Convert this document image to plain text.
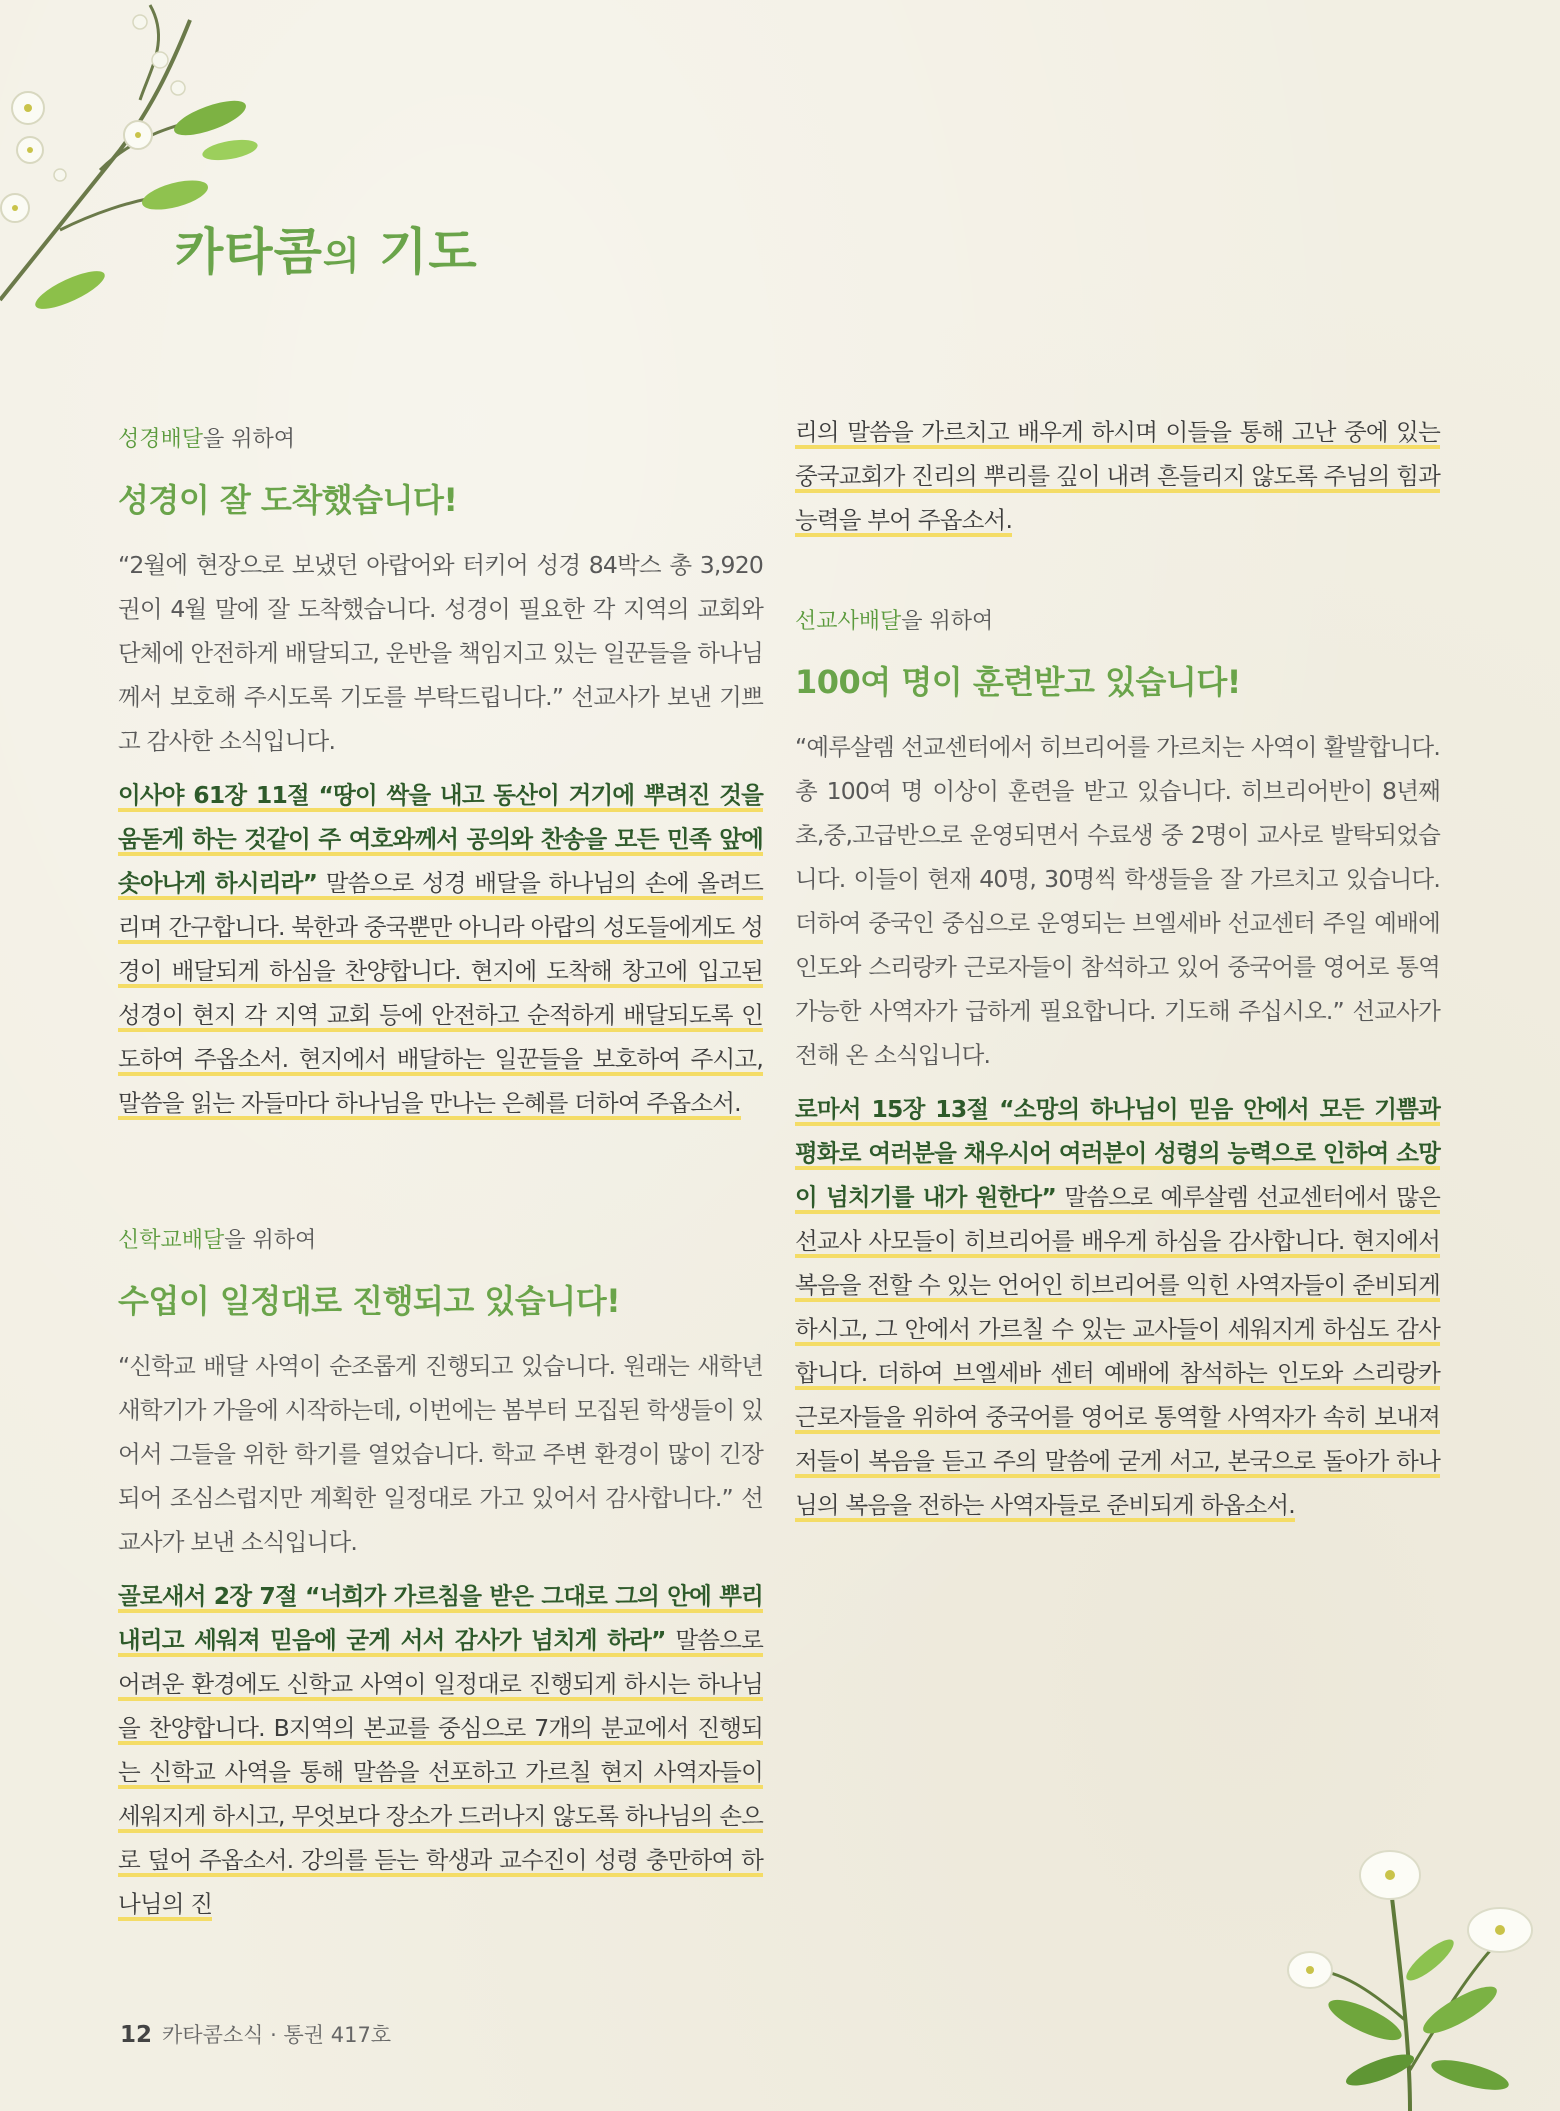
카타콤의 기도
성경배달을 위하여
성경이 잘 도착했습니다!

“2월에 현장으로 보냈던 아랍어와 터키어 성경 84박스 총 3,920권이 4월 말에 잘 도착했습니다. 성경이 필요한 각 지역의 교회와 단체에 안전하게 배달되고, 운반을 책임지고 있는 일꾼들을 하나님께서 보호해 주시도록 기도를 부탁드립니다.” 선교사가 보낸 기쁘고 감사한 소식입니다.

이사야 61장 11절 “땅이 싹을 내고 동산이 거기에 뿌려진 것을 움돋게 하는 것같이 주 여호와께서 공의와 찬송을 모든 민족 앞에 솟아나게 하시리라” 말씀으로 성경 배달을 하나님의 손에 올려드리며 간구합니다. 북한과 중국뿐만 아니라 아랍의 성도들에게도 성경이 배달되게 하심을 찬양합니다. 현지에 도착해 창고에 입고된 성경이 현지 각 지역 교회 등에 안전하고 순적하게 배달되도록 인도하여 주옵소서. 현지에서 배달하는 일꾼들을 보호하여 주시고, 말씀을 읽는 자들마다 하나님을 만나는 은혜를 더하여 주옵소서.

신학교배달을 위하여
수업이 일정대로 진행되고 있습니다!

“신학교 배달 사역이 순조롭게 진행되고 있습니다. 원래는 새학년 새학기가 가을에 시작하는데, 이번에는 봄부터 모집된 학생들이 있어서 그들을 위한 학기를 열었습니다. 학교 주변 환경이 많이 긴장되어 조심스럽지만 계획한 일정대로 가고 있어서 감사합니다.” 선교사가 보낸 소식입니다.

골로새서 2장 7절 “너희가 가르침을 받은 그대로 그의 안에 뿌리 내리고 세워져 믿음에 굳게 서서 감사가 넘치게 하라” 말씀으로 어려운 환경에도 신학교 사역이 일정대로 진행되게 하시는 하나님을 찬양합니다. B지역의 본교를 중심으로 7개의 분교에서 진행되는 신학교 사역을 통해 말씀을 선포하고 가르칠 현지 사역자들이 세워지게 하시고, 무엇보다 장소가 드러나지 않도록 하나님의 손으로 덮어 주옵소서. 강의를 듣는 학생과 교수진이 성령 충만하여 하나님의 진

리의 말씀을 가르치고 배우게 하시며 이들을 통해 고난 중에 있는 중국교회가 진리의 뿌리를 깊이 내려 흔들리지 않도록 주님의 힘과 능력을 부어 주옵소서.

선교사배달을 위하여
100여 명이 훈련받고 있습니다!

“예루살렘 선교센터에서 히브리어를 가르치는 사역이 활발합니다. 총 100여 명 이상이 훈련을 받고 있습니다. 히브리어반이 8년째 초,중,고급반으로 운영되면서 수료생 중 2명이 교사로 발탁되었습니다. 이들이 현재 40명, 30명씩 학생들을 잘 가르치고 있습니다. 더하여 중국인 중심으로 운영되는 브엘세바 선교센터 주일 예배에 인도와 스리랑카 근로자들이 참석하고 있어 중국어를 영어로 통역 가능한 사역자가 급하게 필요합니다. 기도해 주십시오.” 선교사가 전해 온 소식입니다.

로마서 15장 13절 “소망의 하나님이 믿음 안에서 모든 기쁨과 평화로 여러분을 채우시어 여러분이 성령의 능력으로 인하여 소망이 넘치기를 내가 원한다” 말씀으로 예루살렘 선교센터에서 많은 선교사 사모들이 히브리어를 배우게 하심을 감사합니다. 현지에서 복음을 전할 수 있는 언어인 히브리어를 익힌 사역자들이 준비되게 하시고, 그 안에서 가르칠 수 있는 교사들이 세워지게 하심도 감사합니다. 더하여 브엘세바 센터 예배에 참석하는 인도와 스리랑카 근로자들을 위하여 중국어를 영어로 통역할 사역자가 속히 보내져 저들이 복음을 듣고 주의 말씀에 굳게 서고, 본국으로 돌아가 하나님의 복음을 전하는 사역자들로 준비되게 하옵소서.

12 카타콤소식 · 통권 417호
